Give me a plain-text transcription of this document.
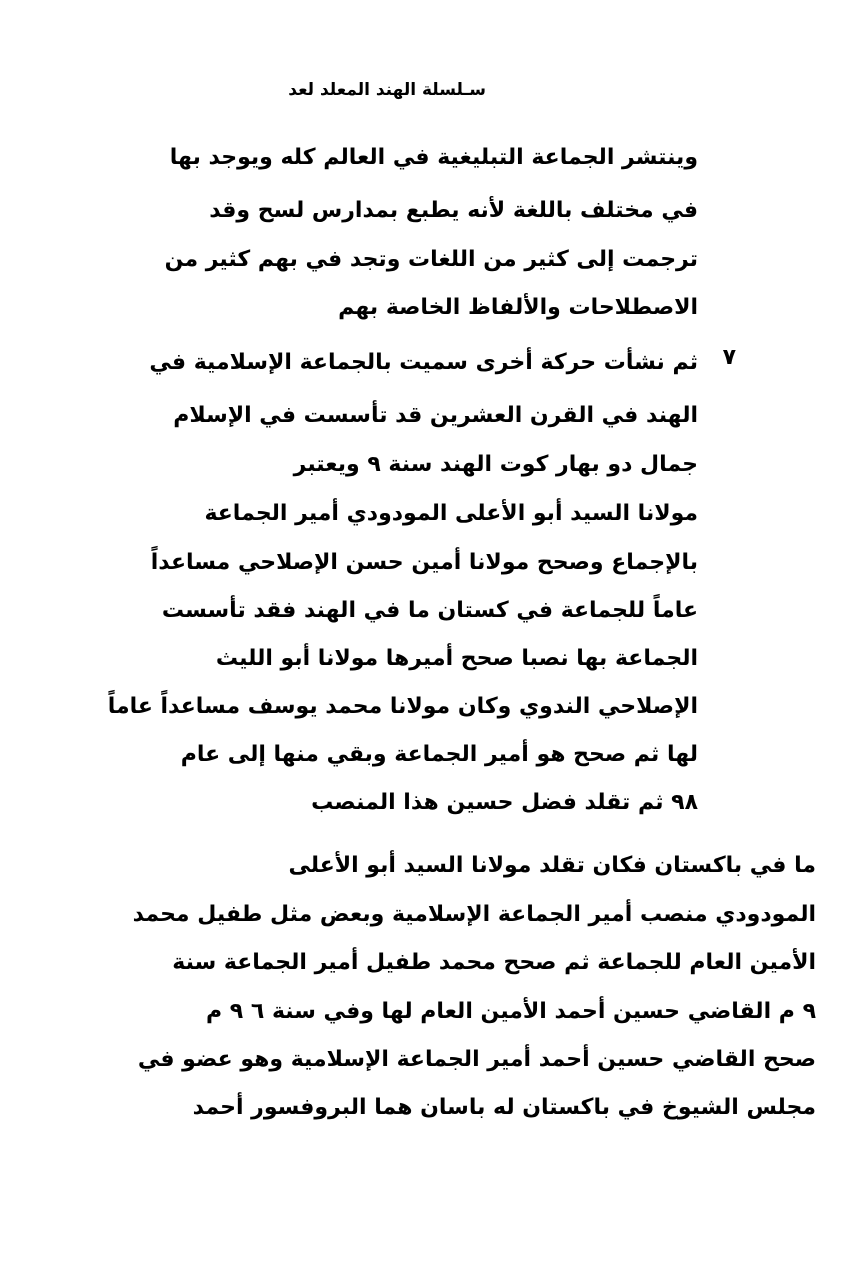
سـلسلة الهند المعلد لعد
وينتشر الجماعة التبليغية في العالم كله ويوجد بها
في مختلف باللغة لأنه يطبع بمدارس لسح وقد
ترجمت إلى كثير من اللغات وتجد في بهم كثير من
الاصطلاحات والألفاظ الخاصة بهم
٧
ثم نشأت حركة أخرى سميت بالجماعة الإسلامية في
الهند في القرن العشرين قد تأسست في الإسلام
جمال دو بهار كوت الهند سنة ٩ ويعتبر
مولانا السيد أبو الأعلى المودودي أمير الجماعة
بالإجماع وصحح مولانا أمين حسن الإصلاحي مساعداً
عاماً للجماعة في كستان ما في الهند فقد تأسست
الجماعة بها نصبا صحح أميرها مولانا أبو الليث
الإصلاحي الندوي وكان مولانا محمد يوسف مساعداً عاماً
لها ثم صحح هو أمير الجماعة وبقي منها إلى عام
٩٨ ثم تقلد فضل حسين هذا المنصب
ما في باكستان فكان تقلد مولانا السيد أبو الأعلى
المودودي منصب أمير الجماعة الإسلامية وبعض مثل طفيل محمد
الأمين العام للجماعة ثم صحح محمد طفيل أمير الجماعة سنة
٩ م القاضي حسين أحمد الأمين العام لها وفي سنة ٦ ٩ م
صحح القاضي حسين أحمد أمير الجماعة الإسلامية وهو عضو في
مجلس الشيوخ في باكستان له باسان هما البروفسور أحمد
